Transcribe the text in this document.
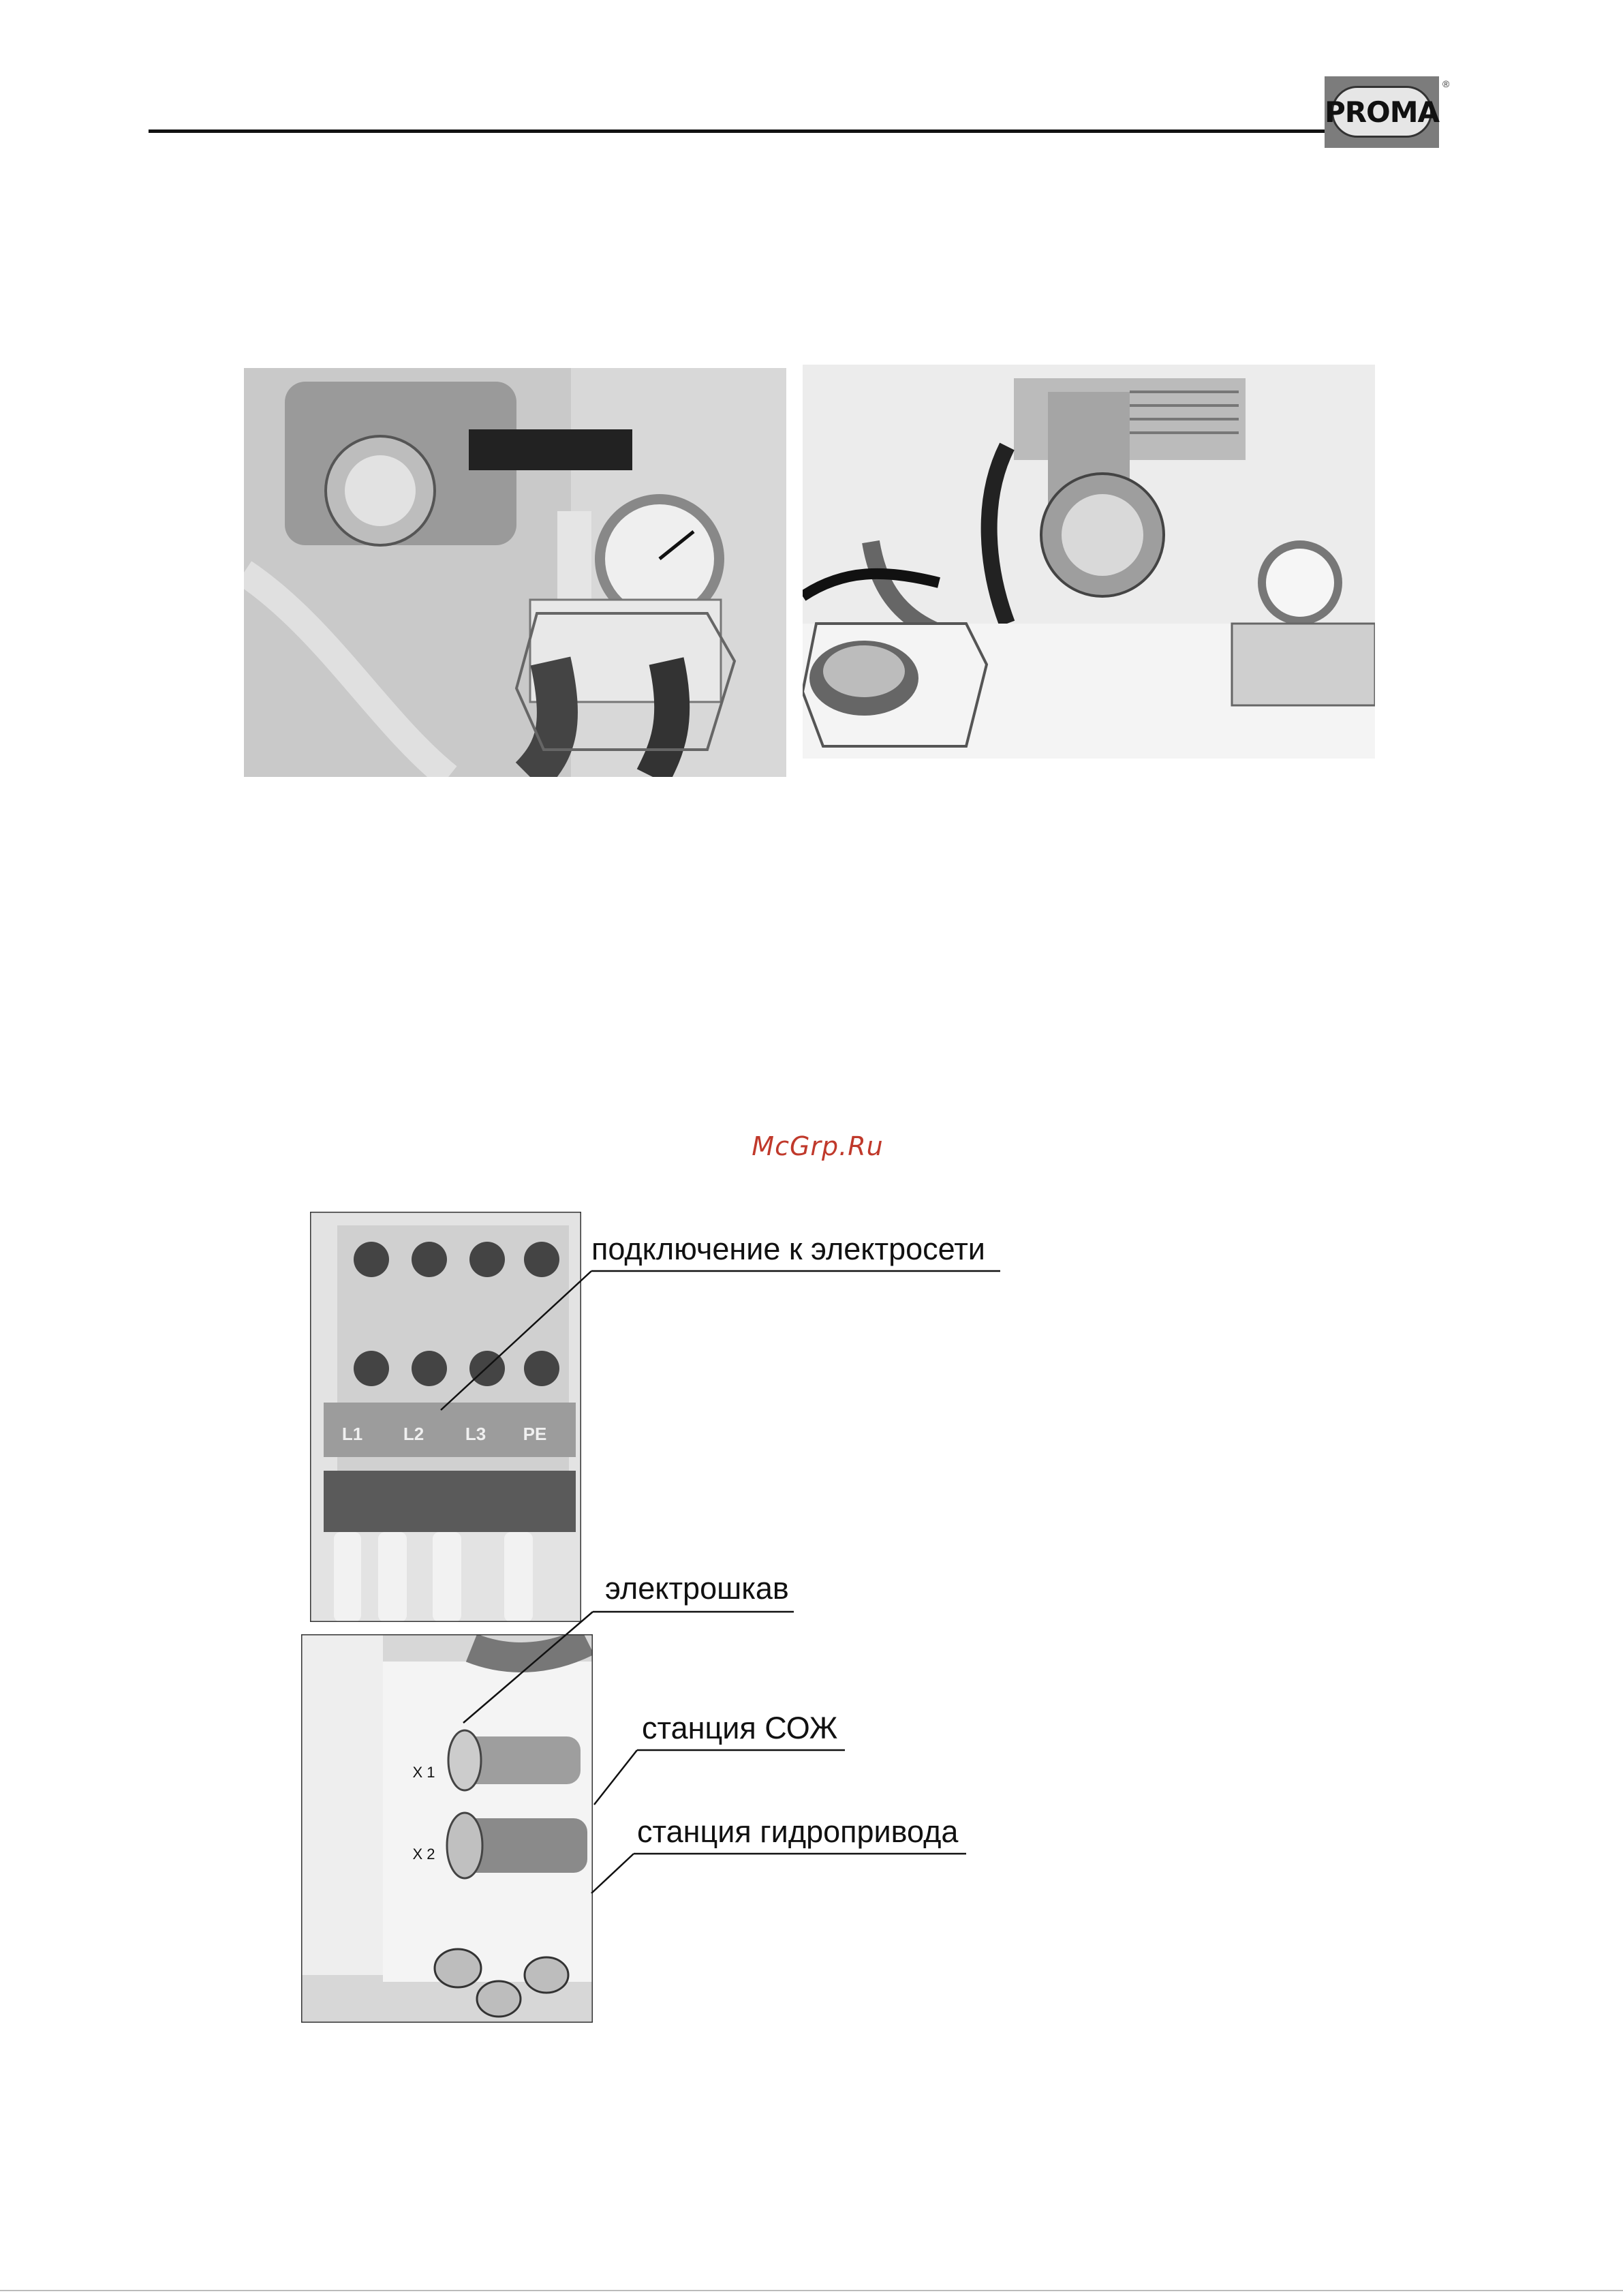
PROMA
®
McGrp.Ru
L1 L2 L3 PE
X 1
X 2
подключение к электросети
электрошкав
станция СОЖ
станция гидропривода
